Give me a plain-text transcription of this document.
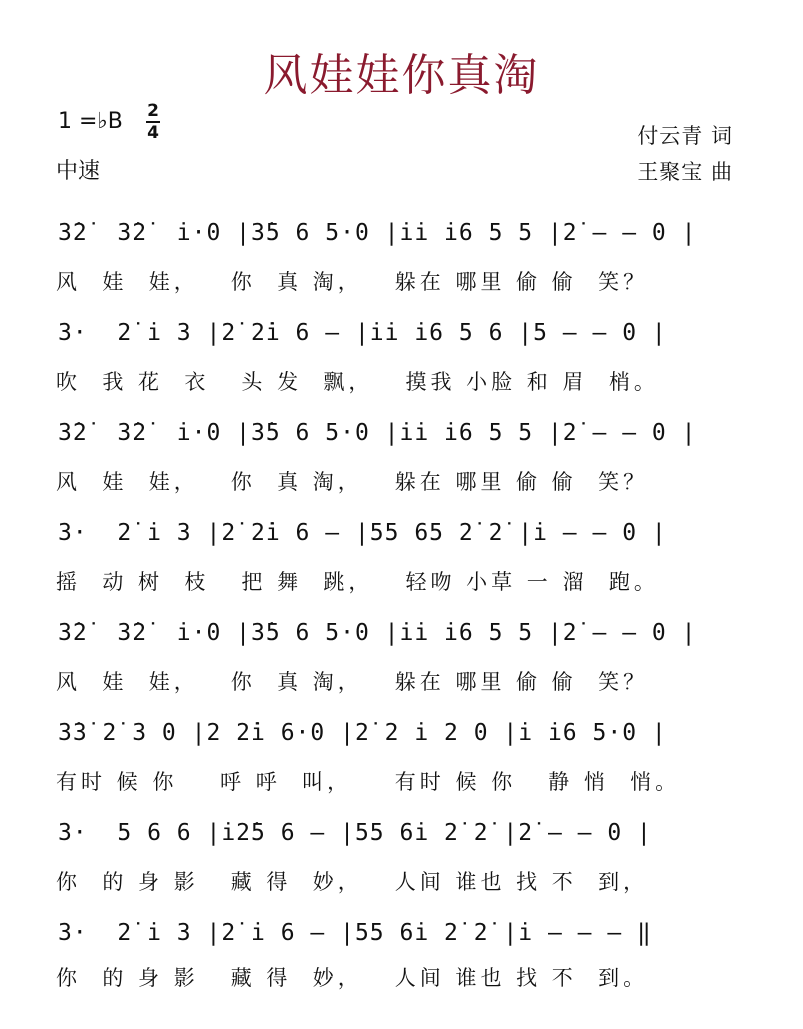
风娃娃你真淘
1 =♭B 2
4
中速
付云青 词
王聚宝 曲
3̇2̇  3̇2̇  i̇·0 |3̇5 6 5·0 |i̇i̇ i̇6 5 5 |2̇ – – 0 |
风  娃  娃，   你  真 淘，   躲在 哪里 偷 偷  笑？
3·  2̇ i̇ 3 |2̇ 2̇i̇ 6 – |i̇i̇ i̇6 5 6 |5 – – 0 |
吹  我 花  衣   头 发  飘，   摸我 小脸 和 眉  梢。
3̇2̇  3̇2̇  i̇·0 |3̇5 6 5·0 |i̇i̇ i̇6 5 5 |2̇ – – 0 |
风  娃  娃，   你  真 淘，   躲在 哪里 偷 偷  笑？
3·  2̇ i̇ 3 |2̇ 2̇i̇ 6 – |55 65 2̇ 2̇ |i̇ – – 0 |
摇  动 树  枝   把 舞  跳，   轻吻 小草 一 溜  跑。
3̇2̇  3̇2̇  i̇·0 |3̇5 6 5·0 |i̇i̇ i̇6 5 5 |2̇ – – 0 |
风  娃  娃，   你  真 淘，   躲在 哪里 偷 偷  笑？
3̇3̇ 2̇ 3 0 |2 2̇i̇ 6·0 |2̇ 2 i̇ 2 0 |i̇ i̇6 5·0 |
有时 候 你    呼 呼  叫，    有时 候 你   静 悄  悄。
3·  5 6 6 |i̇2̇5 6 – |55 6i̇ 2̇ 2̇ |2̇ – – 0 |
你  的 身 影   藏 得  妙，   人间 谁也 找 不  到，
3·  2̇ i̇ 3 |2̇ i̇ 6 – |55 6i̇ 2̇ 2̇ |i̇ – – – ‖
你  的 身 影   藏 得  妙，   人间 谁也 找 不  到。
